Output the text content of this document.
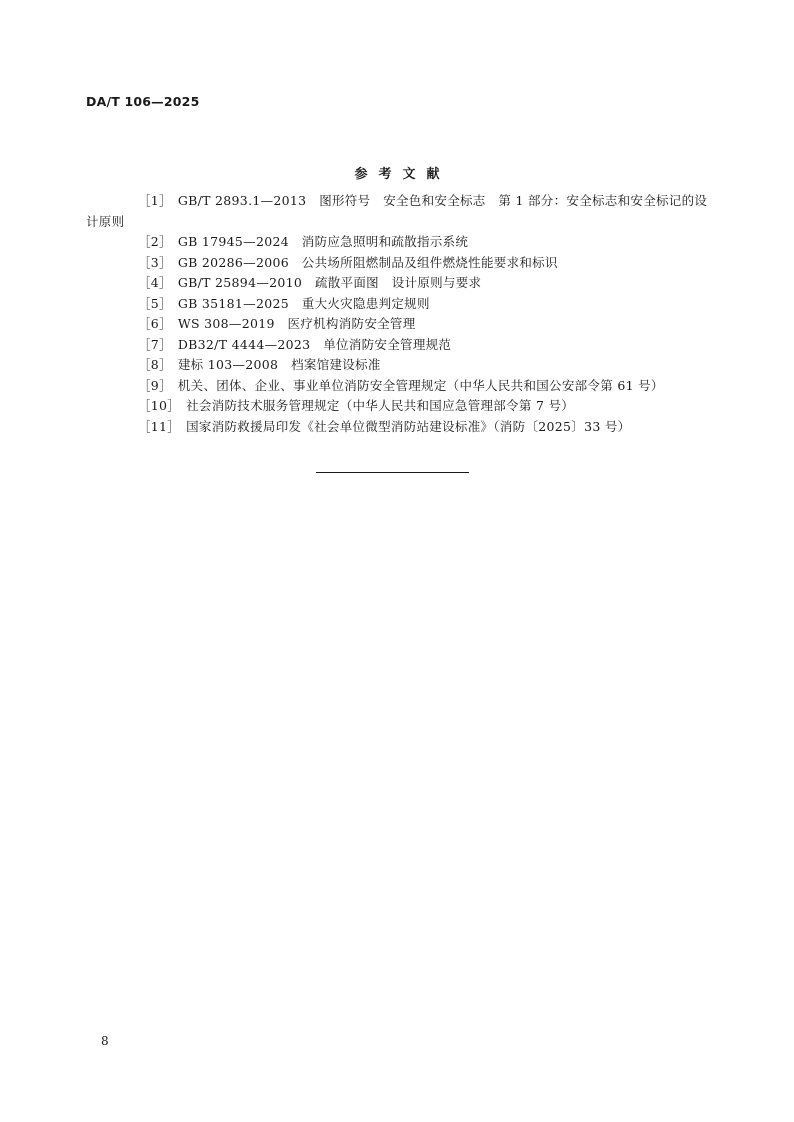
DA/T 106—2025
参考文献
［1］ GB/T 2893.1—2013　图形符号　安全色和安全标志　第 1 部分：安全标志和安全标记的设计原则
［2］ GB 17945—2024　消防应急照明和疏散指示系统
［3］ GB 20286—2006　公共场所阻燃制品及组件燃烧性能要求和标识
［4］ GB/T 25894—2010　疏散平面图　设计原则与要求
［5］ GB 35181—2025　重大火灾隐患判定规则
［6］ WS 308—2019　医疗机构消防安全管理
［7］ DB32/T 4444—2023　单位消防安全管理规范
［8］ 建标 103—2008　档案馆建设标准
［9］ 机关、团体、企业、事业单位消防安全管理规定（中华人民共和国公安部令第 61 号）
［10］ 社会消防技术服务管理规定（中华人民共和国应急管理部令第 7 号）
［11］ 国家消防救援局印发《社会单位微型消防站建设标准》（消防〔2025〕33 号）
8
